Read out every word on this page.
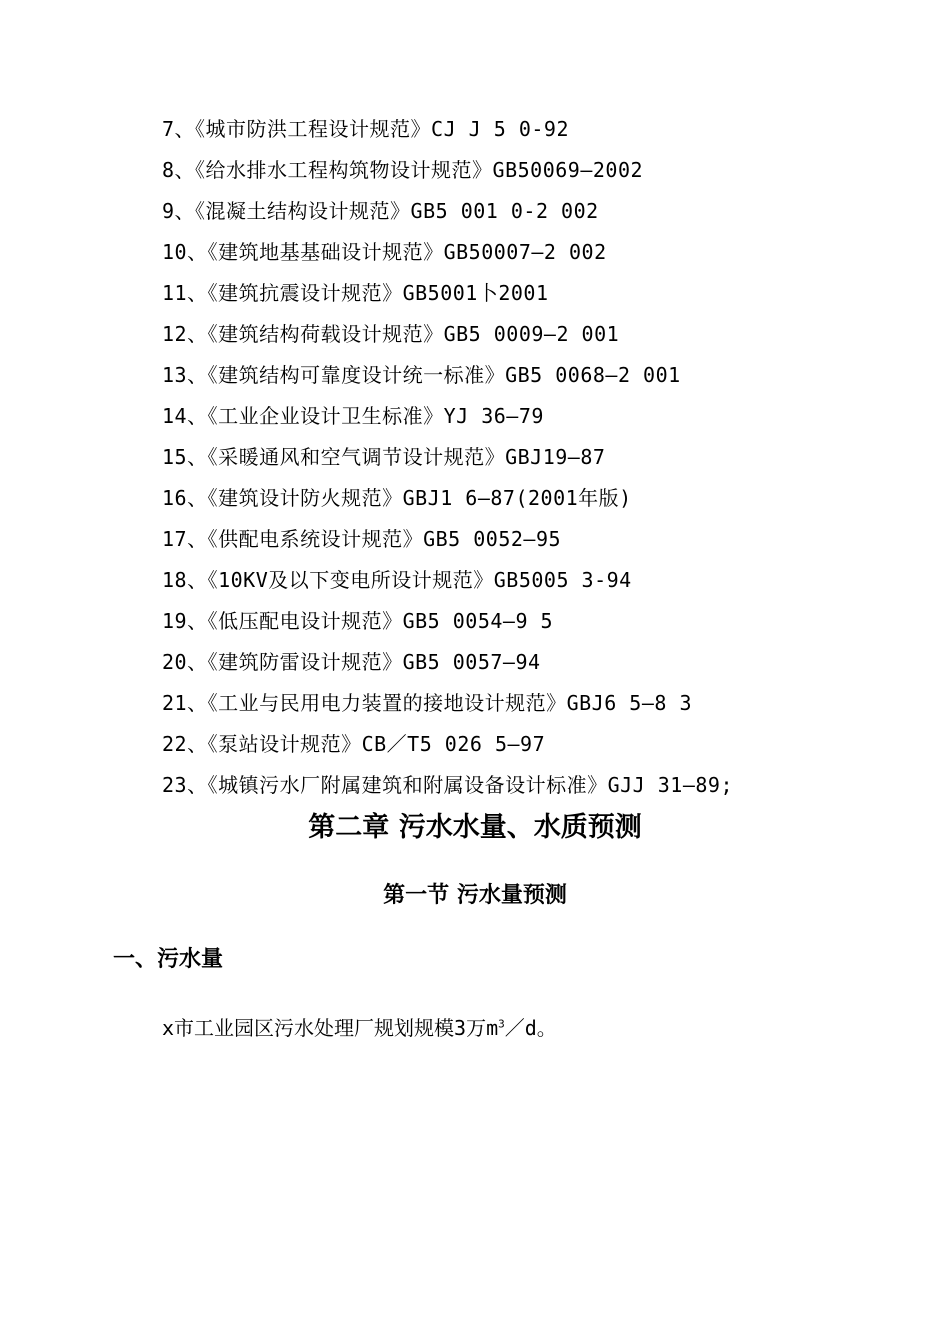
7、《城市防洪工程设计规范》CJ J 5 0-92
8、《给水排水工程构筑物设计规范》GB50069—2002
9、《混凝土结构设计规范》GB5 001 0-2 002
10、《建筑地基基础设计规范》GB50007—2 002
11、《建筑抗震设计规范》GB5001卜2001
12、《建筑结构荷载设计规范》GB5 0009—2 001
13、《建筑结构可靠度设计统一标准》GB5 0068—2 001
14、《工业企业设计卫生标准》YJ 36—79
15、《采暖通风和空气调节设计规范》GBJ19—87
16、《建筑设计防火规范》GBJ1 6—87(2001年版)
17、《供配电系统设计规范》GB5 0052—95
18、《10KV及以下变电所设计规范》GB5005 3-94
19、《低压配电设计规范》GB5 0054—9 5
20、《建筑防雷设计规范》GB5 0057—94
21、《工业与民用电力装置的接地设计规范》GBJ6 5—8 3
22、《泵站设计规范》CB／T5 026 5—97
23、《城镇污水厂附属建筑和附属设备设计标准》GJJ 31—89;
第二章 污水水量、水质预测
第一节 污水量预测
一、污水量

x市工业园区污水处理厂规划规模3万$m^3/d$。
